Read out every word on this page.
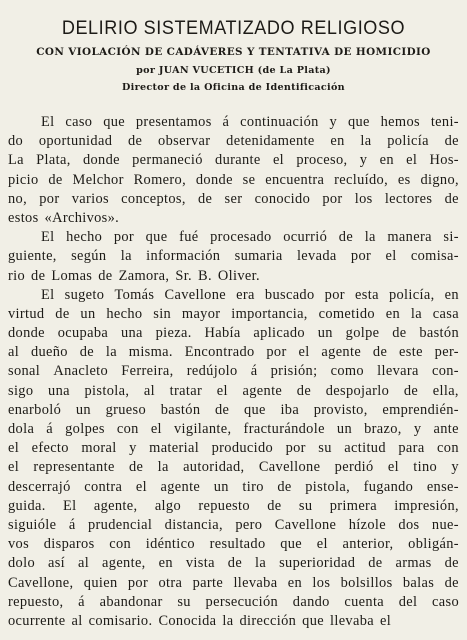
DELIRIO SISTEMATIZADO RELIGIOSO
CON VIOLACIÓN DE CADÁVERES Y TENTATIVA DE HOMICIDIO
por JUAN VUCETICH (de La Plata)
Director de la Oficina de Identificación
El caso que presentamos á continuación y que hemos teni-
do oportunidad de observar detenidamente en la policía de
La Plata, donde permaneció durante el proceso, y en el Hos-
picio de Melchor Romero, donde se encuentra recluído, es digno,
no, por varios conceptos, de ser conocido por los lectores de
estos «Archivos».
El hecho por que fué procesado ocurrió de la manera si-
guiente, según la información sumaria levada por el comisa-
rio de Lomas de Zamora, Sr. B. Oliver.
El sugeto Tomás Cavellone era buscado por esta policía, en
virtud de un hecho sin mayor importancia, cometido en la casa
donde ocupaba una pieza. Había aplicado un golpe de bastón
al dueño de la misma. Encontrado por el agente de este per-
sonal Anacleto Ferreira, redújolo á prisión; como llevara con-
sigo una pistola, al tratar el agente de despojarlo de ella,
enarboló un grueso bastón de que iba provisto, emprendién-
dola á golpes con el vigilante, fracturándole un brazo, y ante
el efecto moral y material producido por su actitud para con
el representante de la autoridad, Cavellone perdió el tino y
descerrajó contra el agente un tiro de pistola, fugando ense-
guida. El agente, algo repuesto de su primera impresión,
siguióle á prudencial distancia, pero Cavellone hízole dos nue-
vos disparos con idéntico resultado que el anterior, obligán-
dolo así al agente, en vista de la superioridad de armas de
Cavellone, quien por otra parte llevaba en los bolsillos balas de
repuesto, á abandonar su persecución dando cuenta del caso
ocurrente al comisario. Conocida la dirección que llevaba el
